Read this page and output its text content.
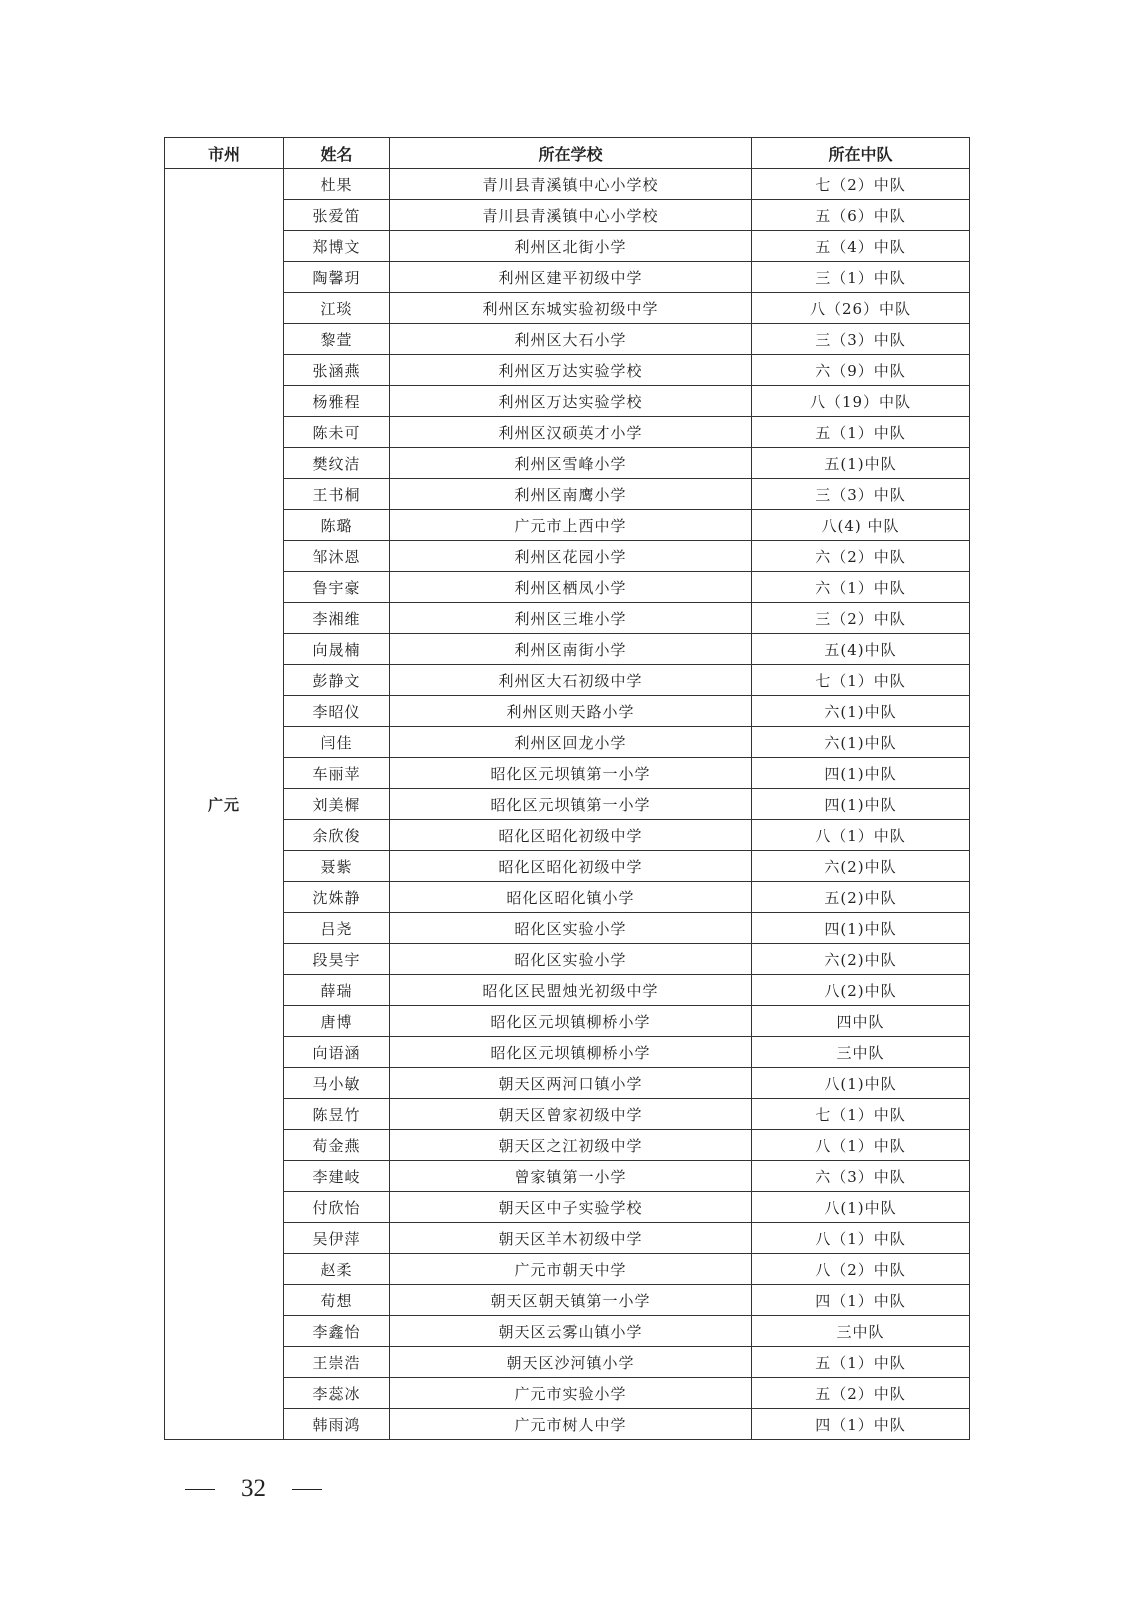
市州	姓名	所在学校	所在中队
广元	杜果	青川县青溪镇中心小学校	七（2）中队
	张爱笛	青川县青溪镇中心小学校	五（6）中队
	郑博文	利州区北街小学	五（4）中队
	陶馨玥	利州区建平初级中学	三（1）中队
	江琰	利州区东城实验初级中学	八（26）中队
	黎萱	利州区大石小学	三（3）中队
	张涵燕	利州区万达实验学校	六（9）中队
	杨雅程	利州区万达实验学校	八（19）中队
	陈未可	利州区汉硕英才小学	五（1）中队
	樊纹洁	利州区雪峰小学	五(1)中队
	王书桐	利州区南鹰小学	三（3）中队
	陈璐	广元市上西中学	八(4) 中队
	邹沐恩	利州区花园小学	六（2）中队
	鲁宇豪	利州区栖凤小学	六（1）中队
	李湘维	利州区三堆小学	三（2）中队
	向晟楠	利州区南街小学	五(4)中队
	彭静文	利州区大石初级中学	七（1）中队
	李昭仪	利州区则天路小学	六(1)中队
	闫佳	利州区回龙小学	六(1)中队
	车丽苹	昭化区元坝镇第一小学	四(1)中队
	刘美樨	昭化区元坝镇第一小学	四(1)中队
	余欣俊	昭化区昭化初级中学	八（1）中队
	聂紫	昭化区昭化初级中学	六(2)中队
	沈姝静	昭化区昭化镇小学	五(2)中队
	吕尧	昭化区实验小学	四(1)中队
	段昊宇	昭化区实验小学	六(2)中队
	薛瑞	昭化区民盟烛光初级中学	八(2)中队
	唐博	昭化区元坝镇柳桥小学	四中队
	向语涵	昭化区元坝镇柳桥小学	三中队
	马小敏	朝天区两河口镇小学	八(1)中队
	陈昱竹	朝天区曾家初级中学	七（1）中队
	荀金燕	朝天区之江初级中学	八（1）中队
	李建岐	曾家镇第一小学	六（3）中队
	付欣怡	朝天区中子实验学校	八(1)中队
	吴伊萍	朝天区羊木初级中学	八（1）中队
	赵柔	广元市朝天中学	八（2）中队
	荀想	朝天区朝天镇第一小学	四（1）中队
	李鑫怡	朝天区云雾山镇小学	三中队
	王崇浩	朝天区沙河镇小学	五（1）中队
	李蕊冰	广元市实验小学	五（2）中队
	韩雨鸿	广元市树人中学	四（1）中队
32
